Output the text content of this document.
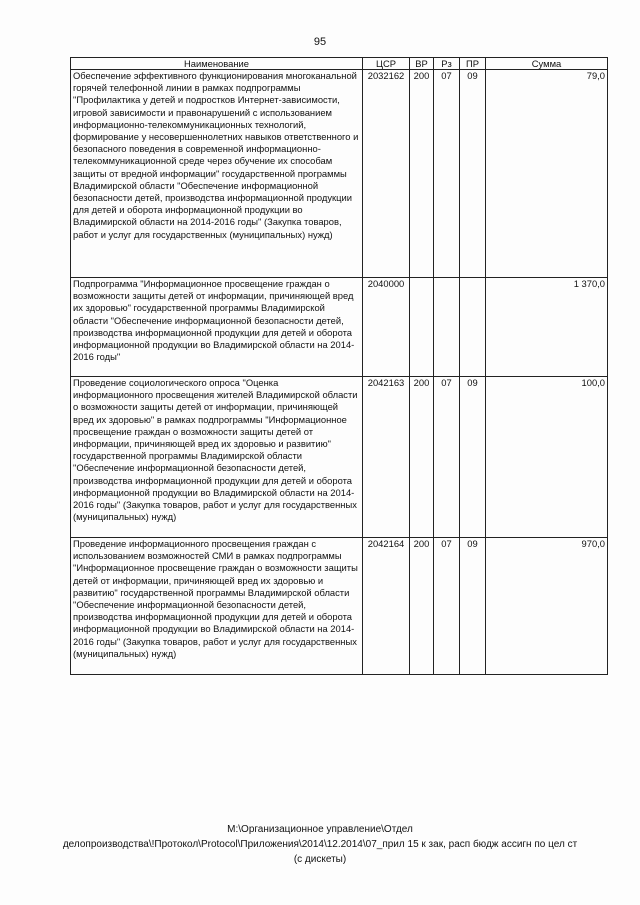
95
Наименование	ЦСР	ВР	Рз	ПР	Сумма
Обеспечение эффективного функционирования многоканальной горячей телефонной линии в рамках подпрограммы "Профилактика у детей и подростков Интернет-зависимости, игровой зависимости и правонарушений с использованием информационно-телекоммуникационных технологий, формирование у несовершеннолетних навыков ответственного и безопасного поведения в современной информационно-телекоммуникационной среде через обучение их способам защиты от вредной информации" государственной программы Владимирской области "Обеспечение информационной безопасности детей, производства информационной продукции для детей и оборота информационной продукции во Владимирской области на 2014-2016 годы" (Закупка товаров, работ и услуг для государственных (муниципальных) нужд)	2032162	200	07	09	79,0
Подпрограмма "Информационное просвещение граждан о возможности защиты детей от информации, причиняющей вред их здоровью" государственной программы Владимирской области "Обеспечение информационной безопасности детей, производства информационной продукции для детей и оборота информационной продукции во Владимирской области на 2014-2016 годы"	2040000				1 370,0
Проведение социологического опроса "Оценка информационного просвещения жителей Владимирской области о возможности защиты детей от информации, причиняющей вред их здоровью" в рамках подпрограммы "Информационное просвещение граждан о возможности защиты детей от информации, причиняющей вред их здоровью и развитию" государственной программы Владимирской области "Обеспечение информационной безопасности детей, производства информационной продукции для детей и оборота информационной продукции во Владимирской области на 2014-2016 годы" (Закупка товаров, работ и услуг для государственных (муниципальных) нужд)	2042163	200	07	09	100,0
Проведение информационного просвещения граждан с использованием возможностей СМИ в рамках подпрограммы "Информационное просвещение граждан о возможности защиты детей от информации, причиняющей вред их здоровью и развитию" государственной программы Владимирской области "Обеспечение информационной безопасности детей, производства информационной продукции для детей и оборота информационной продукции во Владимирской области на 2014-2016 годы" (Закупка товаров, работ и услуг для государственных (муниципальных) нужд)	2042164	200	07	09	970,0
М:\Организационное управление\Отдел
делопроизводства\!Протокол\Protocol\Приложения\2014\12.2014\07_прил 15 к зак, расп бюдж ассигн по цел ст
(с дискеты)
